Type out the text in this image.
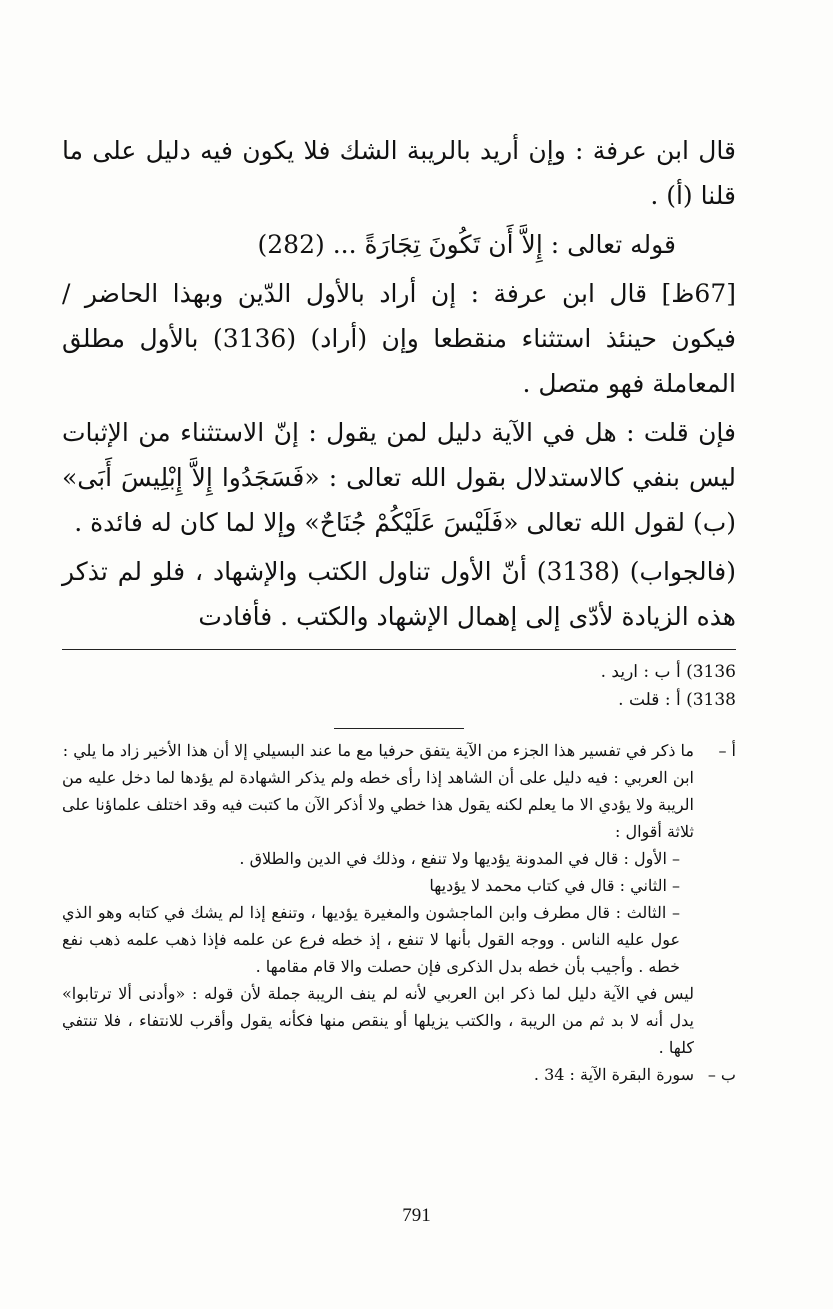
قال ابن عرفة : وإن أريد بالريبة الشك فلا يكون فيه دليل على ما قلنا (أ) .

قوله تعالى : إِلاَّ أَن تَكُونَ تِجَارَةً ... (282)

[67ظ] قال ابن عرفة : إن أراد بالأول الدّين وبهذا الحاضر / فيكون حينئذ استثناء منقطعا وإن (أراد) (3136) بالأول مطلق المعاملة فهو متصل .

فإن قلت : هل في الآية دليل لمن يقول : إنّ الاستثناء من الإثبات ليس بنفي كالاستدلال بقول الله تعالى : «فَسَجَدُوا إِلاَّ إِبْلِيسَ أَبَى» (ب) لقول الله تعالى «فَلَيْسَ عَلَيْكُمْ جُنَاحٌ» وإلا لما كان له فائدة .

(فالجواب) (3138) أنّ الأول تناول الكتب والإشهاد ، فلو لم تذكر هذه الزيادة لأدّى إلى إهمال الإشهاد والكتب . فأفادت

3136) أ ب : اريد .
3138) أ : قلت .
أ –
ما ذكر في تفسير هذا الجزء من الآية يتفق حرفيا مع ما عند البسيلي إلا أن هذا الأخير زاد ما يلي :
ابن العربي : فيه دليل على أن الشاهد إذا رأى خطه ولم يذكر الشهادة لم يؤدها لما دخل عليه من الريبة ولا يؤدي الا ما يعلم لكنه يقول هذا خطي ولا أذكر الآن ما كتبت فيه وقد اختلف علماؤنا على ثلاثة أقوال :
– الأول : قال في المدونة يؤديها ولا تنفع ، وذلك في الدين والطلاق .
– الثاني : قال في كتاب محمد لا يؤديها
– الثالث : قال مطرف وابن الماجشون والمغيرة يؤديها ، وتنفع إذا لم يشك في كتابه وهو الذي عول عليه الناس . ووجه القول بأنها لا تنفع ، إذ خطه فرع عن علمه فإذا ذهب علمه ذهب نفع خطه . وأجيب بأن خطه بدل الذكرى فإن حصلت والا قام مقامها .
ليس في الآية دليل لما ذكر ابن العربي لأنه لم ينف الريبة جملة لأن قوله : «وأدنى ألا ترتابوا» يدل أنه لا بد ثم من الريبة ، والكتب يزيلها أو ينقص منها فكأنه يقول وأقرب للانتفاء ، فلا تنتفي كلها .
ب –
سورة البقرة الآية : 34 .
791
